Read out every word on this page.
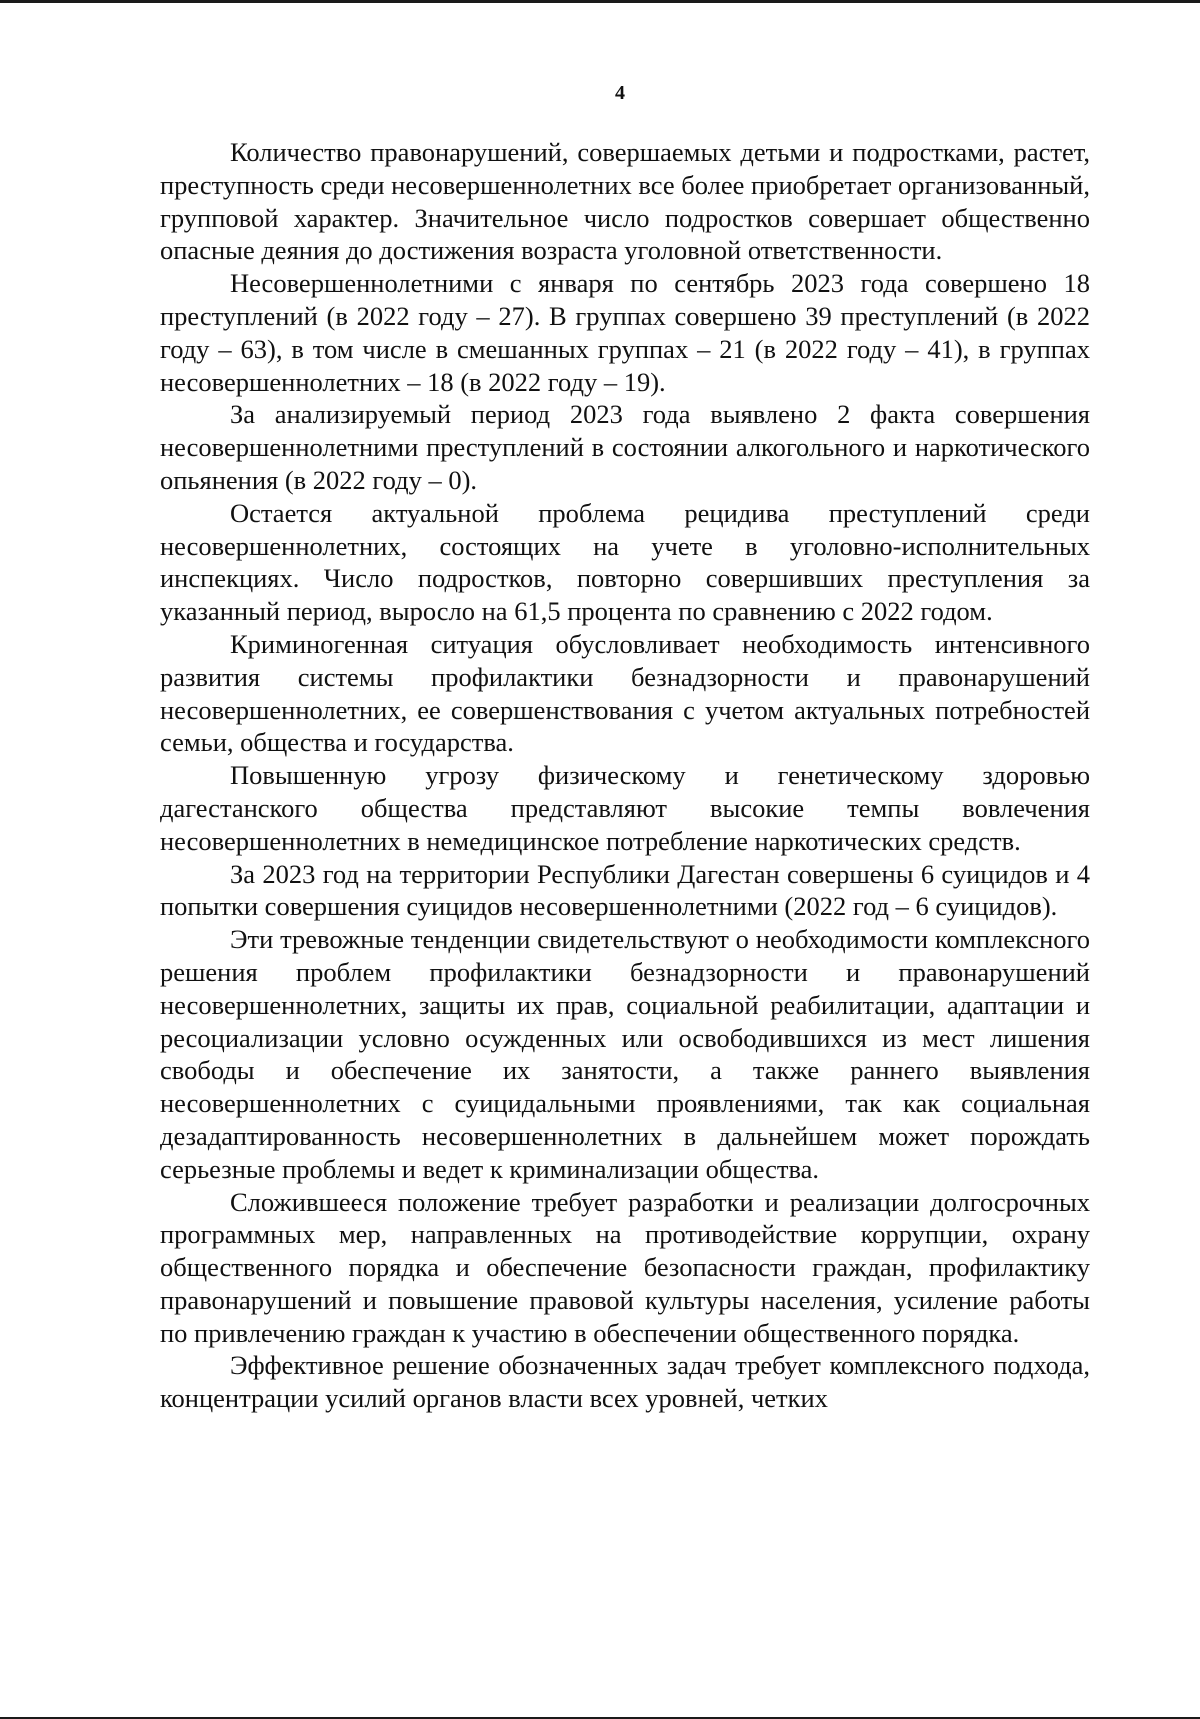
4

Количество правонарушений, совершаемых детьми и подростками, растет, преступность среди несовершеннолетних все более приобретает организованный, групповой характер. Значительное число подростков совершает общественно опасные деяния до достижения возраста уголовной ответственности.

Несовершеннолетними с января по сентябрь 2023 года совершено 18 преступлений (в 2022 году – 27). В группах совершено 39 преступлений (в 2022 году – 63), в том числе в смешанных группах – 21 (в 2022 году – 41), в группах несовершеннолетних – 18 (в 2022 году – 19).

За анализируемый период 2023 года выявлено 2 факта совершения несовершеннолетними преступлений в состоянии алкогольного и наркотического опьянения (в 2022 году – 0).

Остается актуальной проблема рецидива преступлений среди несовершеннолетних, состоящих на учете в уголовно-исполнительных инспекциях. Число подростков, повторно совершивших преступления за указанный период, выросло на 61,5 процента по сравнению с 2022 годом.

Криминогенная ситуация обусловливает необходимость интенсивного развития системы профилактики безнадзорности и правонарушений несовершеннолетних, ее совершенствования с учетом актуальных потребностей семьи, общества и государства.

Повышенную угрозу физическому и генетическому здоровью дагестанского общества представляют высокие темпы вовлечения несовершеннолетних в немедицинское потребление наркотических средств.

За 2023 год на территории Республики Дагестан совершены 6 суицидов и 4 попытки совершения суицидов несовершеннолетними (2022 год – 6 суицидов).

Эти тревожные тенденции свидетельствуют о необходимости комплексного решения проблем профилактики безнадзорности и правонарушений несовершеннолетних, защиты их прав, социальной реабилитации, адаптации и ресоциализации условно осужденных или освободившихся из мест лишения свободы и обеспечение их занятости, а также раннего выявления несовершеннолетних с суицидальными проявлениями, так как социальная дезадаптированность несовершеннолетних в дальнейшем может порождать серьезные проблемы и ведет к криминализации общества.

Сложившееся положение требует разработки и реализации долгосрочных программных мер, направленных на противодействие коррупции, охрану общественного порядка и обеспечение безопасности граждан, профилактику правонарушений и повышение правовой культуры населения, усиление работы по привлечению граждан к участию в обеспечении общественного порядка.

Эффективное решение обозначенных задач требует комплексного подхода, концентрации усилий органов власти всех уровней, четких
